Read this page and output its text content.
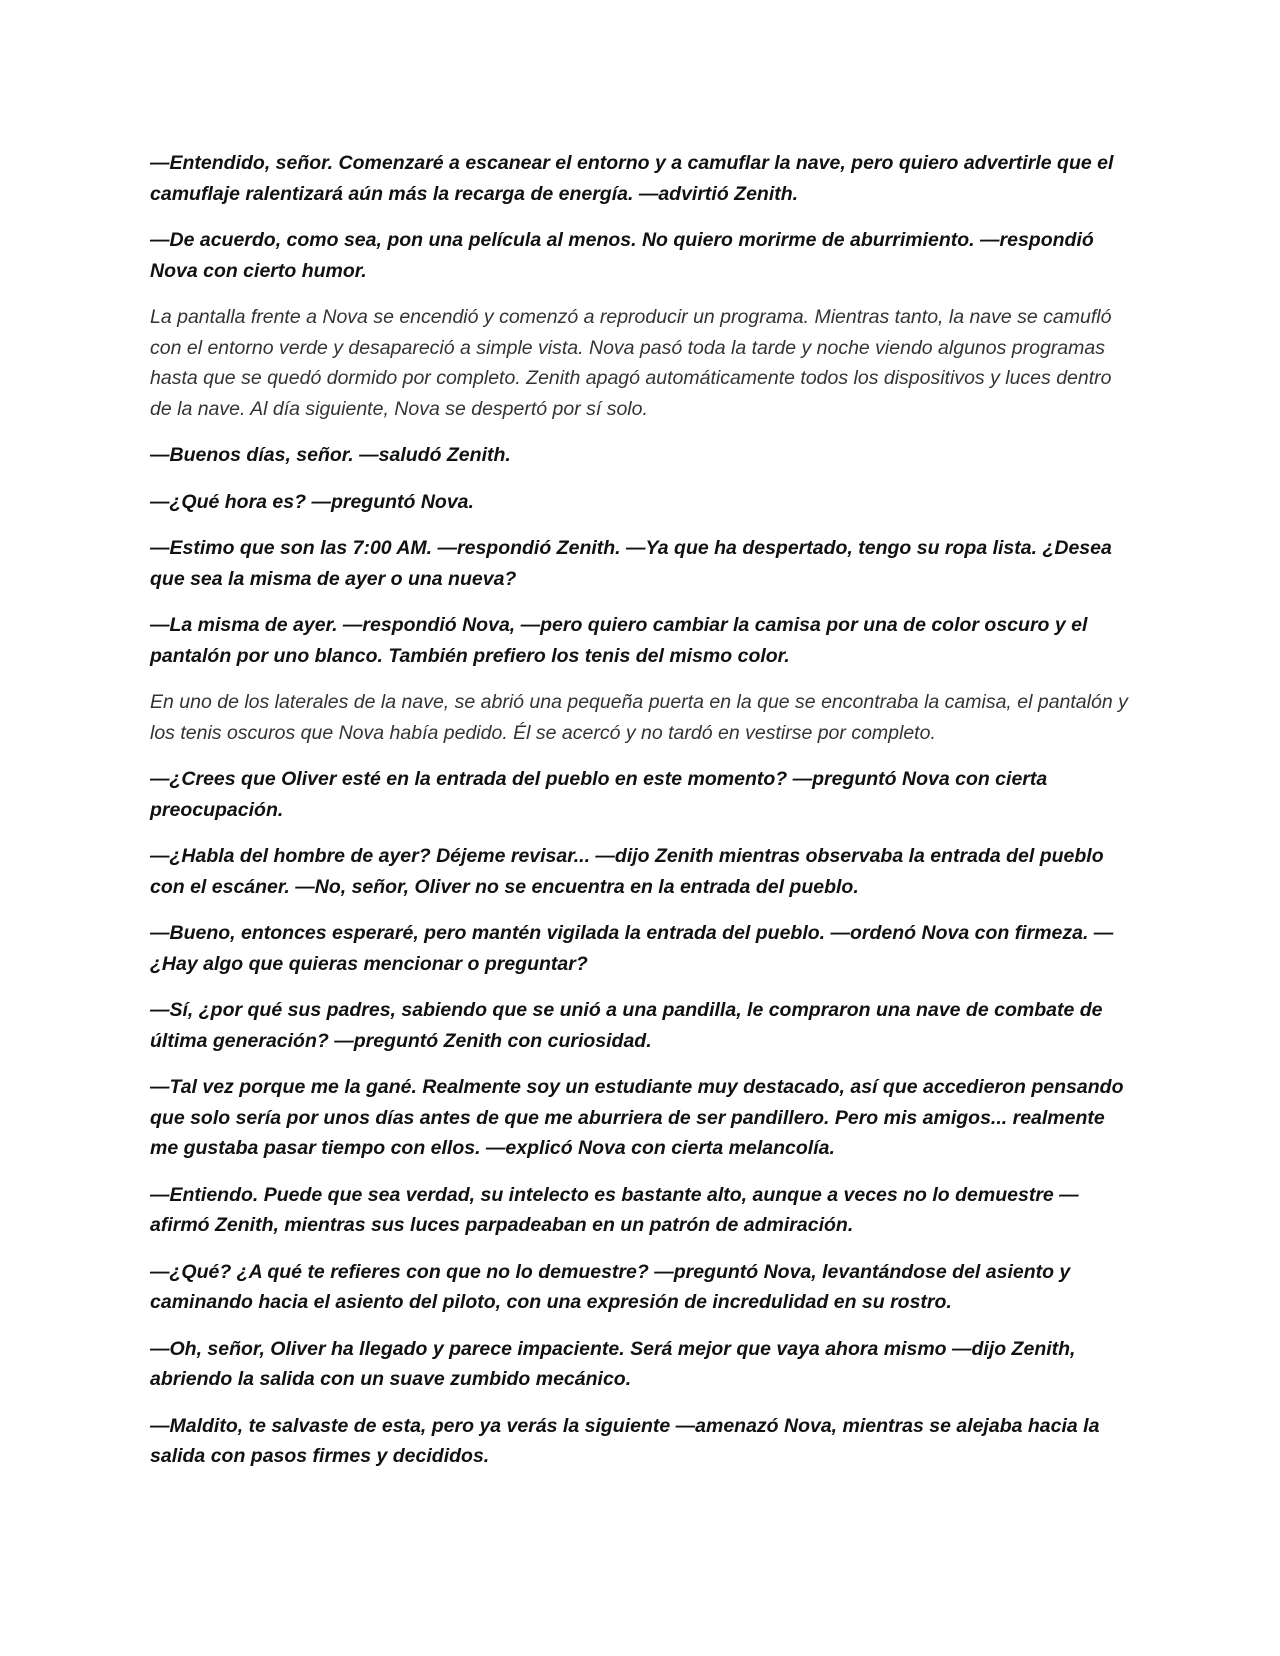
—Entendido, señor. Comenzaré a escanear el entorno y a camuflar la nave, pero quiero advertirle que el camuflaje ralentizará aún más la recarga de energía. —advirtió Zenith.

—De acuerdo, como sea, pon una película al menos. No quiero morirme de aburrimiento. —respondió Nova con cierto humor.

La pantalla frente a Nova se encendió y comenzó a reproducir un programa. Mientras tanto, la nave se camufló con el entorno verde y desapareció a simple vista. Nova pasó toda la tarde y noche viendo algunos programas hasta que se quedó dormido por completo. Zenith apagó automáticamente todos los dispositivos y luces dentro de la nave. Al día siguiente, Nova se despertó por sí solo.

—Buenos días, señor. —saludó Zenith.

—¿Qué hora es? —preguntó Nova.

—Estimo que son las 7:00 AM. —respondió Zenith. —Ya que ha despertado, tengo su ropa lista. ¿Desea que sea la misma de ayer o una nueva?

—La misma de ayer. —respondió Nova, —pero quiero cambiar la camisa por una de color oscuro y el pantalón por uno blanco. También prefiero los tenis del mismo color.

En uno de los laterales de la nave, se abrió una pequeña puerta en la que se encontraba la camisa, el pantalón y los tenis oscuros que Nova había pedido. Él se acercó y no tardó en vestirse por completo.

—¿Crees que Oliver esté en la entrada del pueblo en este momento? —preguntó Nova con cierta preocupación.

—¿Habla del hombre de ayer? Déjeme revisar... —dijo Zenith mientras observaba la entrada del pueblo con el escáner. —No, señor, Oliver no se encuentra en la entrada del pueblo.

—Bueno, entonces esperaré, pero mantén vigilada la entrada del pueblo. —ordenó Nova con firmeza. —¿Hay algo que quieras mencionar o preguntar?

—Sí, ¿por qué sus padres, sabiendo que se unió a una pandilla, le compraron una nave de combate de última generación? —preguntó Zenith con curiosidad.

—Tal vez porque me la gané. Realmente soy un estudiante muy destacado, así que accedieron pensando que solo sería por unos días antes de que me aburriera de ser pandillero. Pero mis amigos... realmente me gustaba pasar tiempo con ellos. —explicó Nova con cierta melancolía.

—Entiendo. Puede que sea verdad, su intelecto es bastante alto, aunque a veces no lo demuestre —afirmó Zenith, mientras sus luces parpadeaban en un patrón de admiración.

—¿Qué? ¿A qué te refieres con que no lo demuestre? —preguntó Nova, levantándose del asiento y caminando hacia el asiento del piloto, con una expresión de incredulidad en su rostro.

—Oh, señor, Oliver ha llegado y parece impaciente. Será mejor que vaya ahora mismo —dijo Zenith, abriendo la salida con un suave zumbido mecánico.

—Maldito, te salvaste de esta, pero ya verás la siguiente —amenazó Nova, mientras se alejaba hacia la salida con pasos firmes y decididos.
